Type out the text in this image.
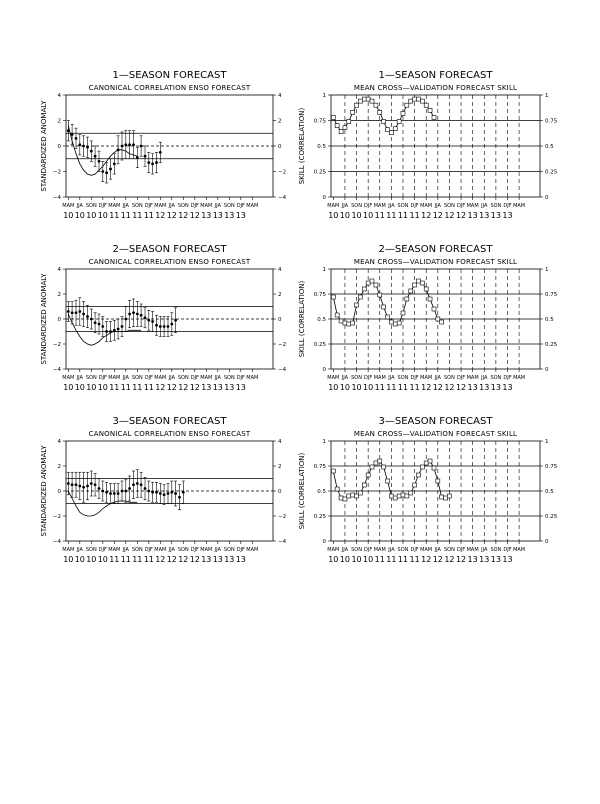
1—SEASON FORECAST
CANONICAL CORRELATION ENSO FORECAST
4	4
2	2
0	0
−2	−2
−4	−4
STANDARDIZED ANOMALY
MAM
10
JJA
10
SON
10
DJF
10
MAM
11
JJA
11
SON
11
DJF
11
MAM
12
JJA
12
SON
12
DJF
12
MAM
13
JJA
13
SON
13
DJF
13
MAM
1—SEASON FORECAST
MEAN CROSS—VALIDATION FORECAST SKILL
1	1
0.75	0.75
0.5	0.5
0.25	0.25
0	0
SKILL (CORRELATION)
MAM
10
JJA
10
SON
10
DJF
10
MAM
11
JJA
11
SON
11
DJF
11
MAM
12
JJA
12
SON
12
DJF
12
MAM
13
JJA
13
SON
13
DJF
13
MAM
2—SEASON FORECAST
CANONICAL CORRELATION ENSO FORECAST
4	4
2	2
0	0
−2	−2
−4	−4
STANDARDIZED ANOMALY
MAM
10
JJA
10
SON
10
DJF
10
MAM
11
JJA
11
SON
11
DJF
11
MAM
12
JJA
12
SON
12
DJF
12
MAM
13
JJA
13
SON
13
DJF
13
MAM
2—SEASON FORECAST
MEAN CROSS—VALIDATION FORECAST SKILL
1	1
0.75	0.75
0.5	0.5
0.25	0.25
0	0
SKILL (CORRELATION)
MAM
10
JJA
10
SON
10
DJF
10
MAM
11
JJA
11
SON
11
DJF
11
MAM
12
JJA
12
SON
12
DJF
12
MAM
13
JJA
13
SON
13
DJF
13
MAM
3—SEASON FORECAST
CANONICAL CORRELATION ENSO FORECAST
4	4
2	2
0	0
−2	−2
−4	−4
STANDARDIZED ANOMALY
MAM
10
JJA
10
SON
10
DJF
10
MAM
11
JJA
11
SON
11
DJF
11
MAM
12
JJA
12
SON
12
DJF
12
MAM
13
JJA
13
SON
13
DJF
13
MAM
3—SEASON FORECAST
MEAN CROSS—VALIDATION FORECAST SKILL
1	1
0.75	0.75
0.5	0.5
0.25	0.25
0	0
SKILL (CORRELATION)
MAM
10
JJA
10
SON
10
DJF
10
MAM
11
JJA
11
SON
11
DJF
11
MAM
12
JJA
12
SON
12
DJF
12
MAM
13
JJA
13
SON
13
DJF
13
MAM
